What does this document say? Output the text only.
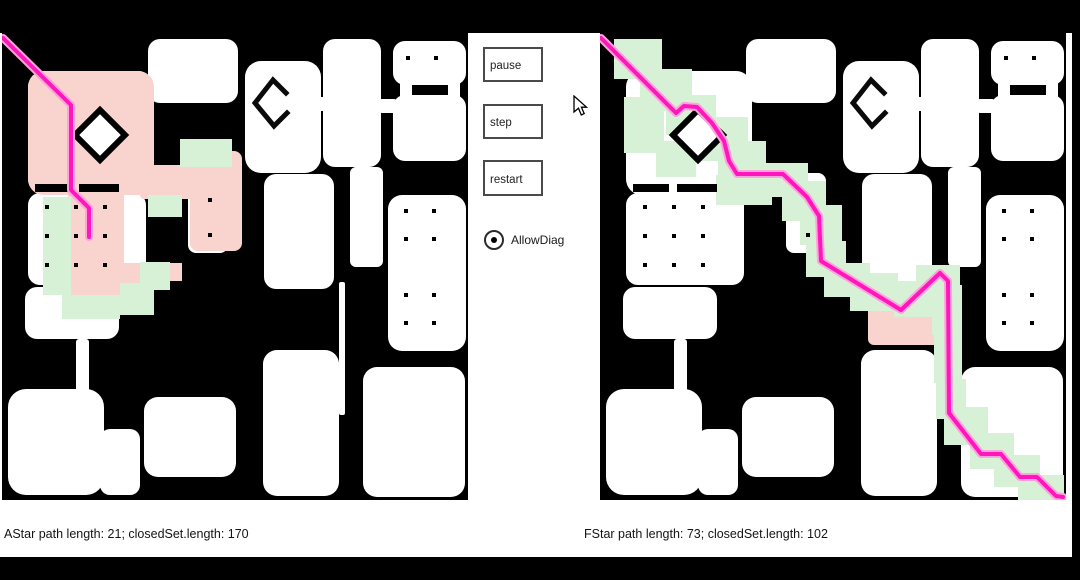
pause
step
restart
AllowDiag
AStar path length: 21; closedSet.length: 170	FStar path length: 73; closedSet.length: 102
